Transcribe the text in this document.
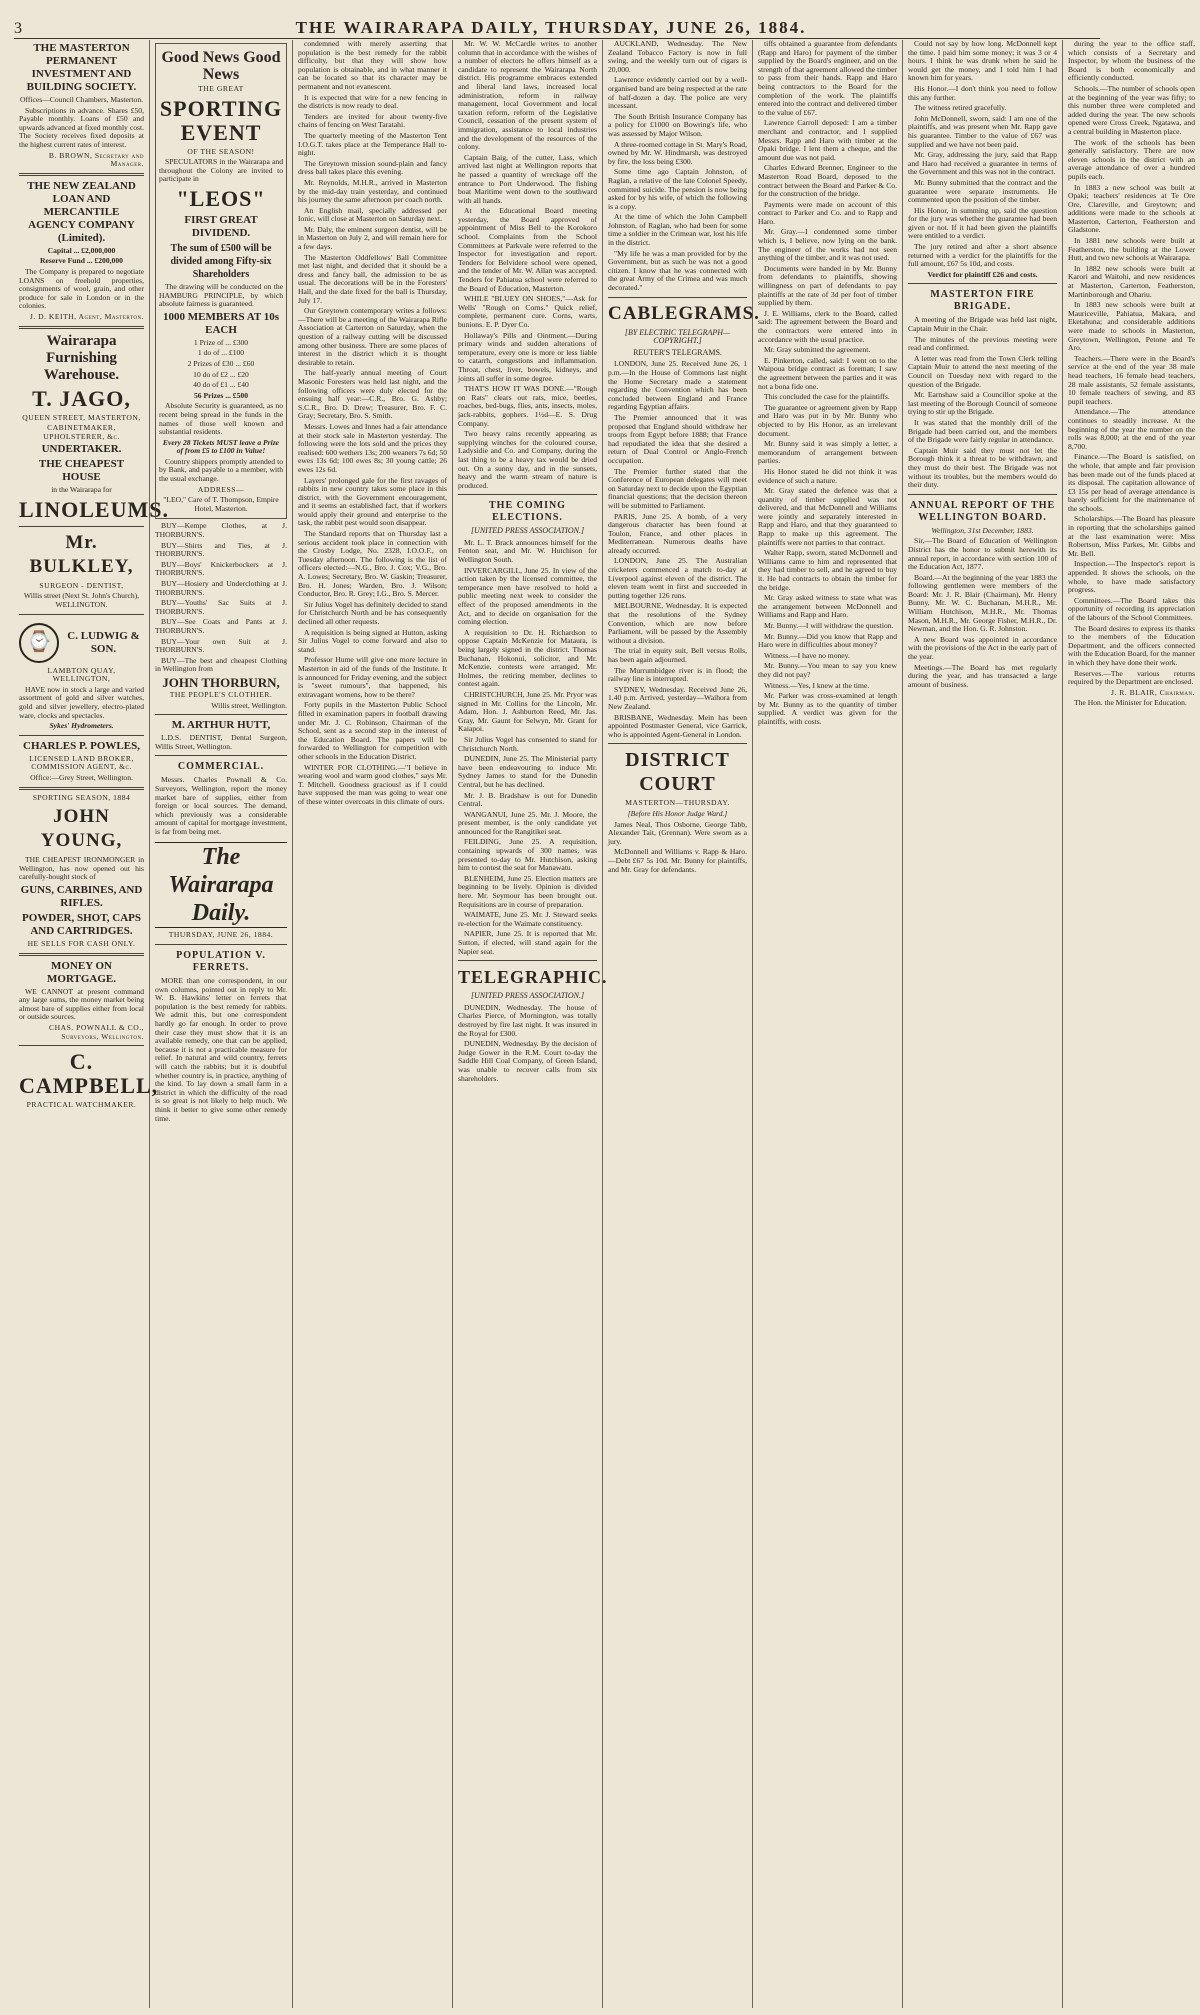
3	THE WAIRARAPA DAILY, THURSDAY, JUNE 26, 1884.
THE MASTERTON PERMANENT INVESTMENT AND BUILDING SOCIETY.

Offices—Council Chambers, Masterton.

Subscriptions in advance. Shares £50, Payable monthly. Loans of £50 and upwards advanced at fixed monthly cost. The Society receives fixed deposits at the highest current rates of interest.

B. BROWN, Secretary and Manager.

THE NEW ZEALAND LOAN AND MERCANTILE AGENCY COMPANY (Limited).

Capital ... £2,000,000

Reserve Fund ... £200,000

The Company is prepared to negotiate LOANS on freehold properties, consignments of wool, grain, and other produce for sale in London or in the colonies.

J. D. KEITH, Agent, Masterton.

Wairarapa Furnishing Warehouse.
T. JAGO,

QUEEN STREET, MASTERTON,

CABINETMAKER, UPHOLSTERER, &c.

UNDERTAKER.
THE CHEAPEST HOUSE

in the Wairarapa for

LINOLEUMS.
Mr. BULKLEY,

SURGEON - DENTIST,

Willis street (Next St. John's Church), WELLINGTON.

⌚	C. LUDWIG & SON.

LAMBTON QUAY, WELLINGTON,

HAVE now in stock a large and varied assortment of gold and silver watches, gold and silver jewellery, electro-plated ware, clocks and spectacles.

Sykes' Hydrometers.

CHARLES P. POWLES,

LICENSED LAND BROKER, COMMISSION AGENT, &c.

Office:—Grey Street, Wellington.

SPORTING SEASON, 1884

JOHN YOUNG,

THE CHEAPEST IRONMONGER in Wellington, has now opened out his carefully-bought stock of

GUNS, CARBINES, AND RIFLES.
POWDER, SHOT, CAPS AND CARTRIDGES.

HE SELLS FOR CASH ONLY.

MONEY ON MORTGAGE.

WE CANNOT at present command any large sums, the money market being almost bare of supplies either from local or outside sources.

CHAS. POWNALL & CO., Surveyors, Wellington.

C. CAMPBELL,

PRACTICAL WATCHMAKER.

Good News Good News

THE GREAT

SPORTING EVENT

OF THE SEASON!

SPECULATORS in the Wairarapa and throughout the Colony are invited to participate in

"LEOS"
FIRST GREAT DIVIDEND.
The sum of £500 will be divided among Fifty-six Shareholders

The drawing will be conducted on the HAMBURG PRINCIPLE, by which absolute fairness is guaranteed.

1000 MEMBERS AT 10s EACH

1 Prize of ... £300

1 do of ... £100

2 Prizes of £30 ... £60

10 do of £2 ... £20

40 do of £1 ... £40

56 Prizes ... £500

Absolute Security is guaranteed, as no recent being spread in the funds in the names of those well known and substantial residents.

Every 28 Tickets MUST leave a Prize of from £5 to £100 in Value!

Country shippers promptly attended to by Bank, and payable to a member, with the usual exchange.

ADDRESS—

"LEO," Care of T. Thompson, Empire Hotel, Masterton.

BUY—Kempe Clothes, at J. THORBURN'S.

BUY—Shirts and Ties, at J. THORBURN'S.

BUY—Boys' Knickerbockers at J. THORBURN'S.

BUY—Hosiery and Underclothing at J. THORBURN'S.

BUY—Youths' Sac Suits at J. THORBURN'S.

BUY—See Coats and Pants at J. THORBURN'S.

BUY—Your own Suit at J. THORBURN'S.

BUY—The best and cheapest Clothing in Wellington from

JOHN THORBURN,

THE PEOPLE'S CLOTHIER.

Willis street, Wellington.

M. ARTHUR HUTT,

L.D.S. DENTIST, Dental Surgeon, Willis Street, Wellington.

COMMERCIAL.

Messrs. Charles Pownall & Co. Surveyors, Wellington, report the money market bare of supplies, either from foreign or local sources. The demand, which previously was a considerable amount of capital for mortgage investment, is far from being met.

The Wairarapa Daily.

THURSDAY, JUNE 26, 1884.

POPULATION V. FERRETS.

MORE than one correspondent, in our own columns, pointed out in reply to Mr. W. B. Hawkins' letter on ferrets that population is the best remedy for rabbits. We admit this, but one correspondent hardly go far enough. In order to prove their case they must show that it is an available remedy, one that can be applied, because it is not a practicable measure for relief. In natural and wild country, ferrets will catch the rabbits; but it is doubtful whether country is, in practice, anything of the kind. To lay down a small farm in a district in which the difficulty of the road is so great is not likely to help much. We think it better to give some other remedy time.

condemned with merely asserting that population is the best remedy for the rabbit difficulty, but that they will show how population is obtainable, and in what manner it can be located so that its character may be permanent and not evanescent.

It is expected that wire for a new fencing in the districts is now ready to deal.

Tenders are invited for about twenty-five chains of fencing on West Taratahi.

The quarterly meeting of the Masterton Tent I.O.G.T. takes place at the Temperance Hall to-night.

The Greytown mission sound-plain and fancy dress ball takes place this evening.

Mr. Reynolds, M.H.R., arrived in Masterton by the mid-day train yesterday, and continued his journey the same afternoon per coach north.

An English mail, specially addressed per Ionic, will close at Masterton on Saturday next.

Mr. Daly, the eminent surgeon dentist, will be in Masterton on July 2, and will remain here for a few days.

The Masterton Oddfellows' Ball Committee met last night, and decided that it should be a dress and fancy ball, the admission to be as usual. The decorations will be in the Foresters' Hall, and the date fixed for the ball is Thursday, July 17.

Our Greytown contemporary writes a follows:—There will be a meeting of the Wairarapa Rifle Association at Carterton on Saturday, when the question of a railway cutting will be discussed among other business. There are some places of interest in the district which it is thought desirable to retain.

The half-yearly annual meeting of Court Masonic Foresters was held last night, and the following officers were duly elected for the ensuing half year:—C.R., Bro. G. Ashby; S.C.R., Bro. D. Drew; Treasurer, Bro. F. C. Gray; Secretary, Bro. S. Smith.

Messrs. Lowes and Innes had a fair attendance at their stock sale in Masterton yesterday. The following were the lots sold and the prices they realised: 600 wethers 13s; 200 weaners 7s 6d; 50 ewes 13s 6d; 100 ewes 8s; 30 young cattle; 26 ewes 12s 6d.

Layers' prolonged gale for the first ravages of rabbits in new country takes some place in this district, with the Government encouragement, and it seems an established fact, that if workers would apply their ground and enterprise to the task, the rabbit pest would soon disappear.

The Standard reports that on Thursday last a serious accident took place in connection with the Crosby Lodge, No. 2328, I.O.O.F., on Tuesday afternoon. The following is the list of officers elected:—N.G., Bro. J. Cox; V.G., Bro. A. Lowes; Secretary, Bro. W. Gaskin; Treasurer, Bro. H. Jones; Warden, Bro. J. Wilson; Conductor, Bro. R. Grey; I.G., Bro. S. Mercer.

Sir Julius Vogel has definitely decided to stand for Christchurch North and he has consequently declined all other requests.

A requisition is being signed at Hutton, asking Sir Julius Vogel to come forward and also to stand.

Professor Hume will give one more lecture in Masterton in aid of the funds of the Institute. It is announced for Friday evening, and the subject is "sweet rumours", that happened, his extravagant womens, how to be there?

Forty pupils in the Masterton Public School filled in examination papers in football drawing under Mr. J. C. Robinson, Chairman of the School, sent as a second step in the interest of the Education Board. The papers will be forwarded to Wellington for competition with other schools in the Education District.

WINTER FOR CLOTHING.—"I believe in wearing wool and warm good clothes," says Mr. T. Mitchell. Goodness gracious! as if I could have supposed the man was going to wear one of these winter overcoats in this climate of ours.

Mr. W. W. McCardle writes to another column that in accordance with the wishes of a number of electors he offers himself as a candidate to represent the Wairarapa North district. His programme embraces extended and liberal land laws, increased local administration, reform in railway management, local Government and local taxation reform, reform of the Legislative Council, cessation of the present system of immigration, assistance to local industries and the development of the resources of the colony.

Captain Baig, of the cutter, Lass, which arrived last night at Wellington reports that he passed a quantity of wreckage off the entrance to Port Underwood. The fishing boat Maritime went down to the southward with all hands.

At the Educational Board meeting yesterday, the Board approved of appointment of Miss Bell to the Korokoro school. Complaints from the School Committees at Parkvale were referred to the Inspector for investigation and report. Tenders for Belvidere school were opened, and the tender of Mr. W. Allan was accepted. Tenders for Pahiatua school were referred to the Board of Education, Masterton.

WHILE "BLUEY ON SHOES,"—Ask for Wells' "Rough on Corns." Quick relief, complete, permanent cure. Corns, warts, bunions. E. P. Dyer Co.

Hollaway's Pills and Ointment.—During primary winds and sudden alterations of temperature, every one is more or less liable to catarrh, congestions and inflammation. Throat, chest, liver, bowels, kidneys, and joints all suffer in some degree.

THAT'S HOW IT WAS DONE.—"Rough on Rats" clears out rats, mice, beetles, roaches, bed-bugs, flies, ants, insects, moles, jack-rabbits, gophers. 1½d—E. S. Drug Company.

Two heavy rains recently appearing as supplying winches for the coloured course, Ladysidie and Co. and Company, during the last thing to be a heavy tax would be dried out. On a sunny day, and in the sunsets, heavy and the warm stream of nature is produced.

THE COMING ELECTIONS.
[UNITED PRESS ASSOCIATION.]

Mr. L. T. Brack announces himself for the Fenton seat, and Mr. W. Hutchison for Wellington South.

INVERCARGILL, June 25. In view of the action taken by the licensed committee, the temperance men have resolved to hold a public meeting next week to consider the effect of the proposed amendments in the Act, and to decide on organisation for the coming election.

A requisition to Dr. H. Richardson to oppose Captain McKenzie for Mataura, is being largely signed in the district. Thomas Buchanan, Hokonui, solicitor, and Mr. McKenzie, contests were arranged. Mr. Holmes, the retiring member, declines to contest again.

CHRISTCHURCH, June 25. Mr. Pryor was signed in Mr. Collins for the Lincoln, Mr. Adam, Hon. J. Ashburton Reed, Mr. Jas. Gray, Mr. Gaunt for Selwyn, Mr. Grant for Kaiapoi.

Sir Julius Vogel has consented to stand for Christchurch North.

DUNEDIN, June 25. The Ministerial party have been endeavouring to induce Mr. Sydney James to stand for the Dunedin Central, but he has declined.

Mr. J. B. Bradshaw is out for Dunedin Central.

WANGANUI, June 25. Mr. J. Moore, the present member, is the only candidate yet announced for the Rangitikei seat.

FEILDING, June 25. A requisition, containing upwards of 300 names, was presented to-day to Mr. Hutchison, asking him to contest the seat for Manawatu.

BLENHEIM, June 25. Election matters are beginning to be lively. Opinion is divided here. Mr. Seymour has been brought out. Requisitions are in course of preparation.

WAIMATE, June 25. Mr. J. Steward seeks re-election for the Waimate constituency.

NAPIER, June 25. It is reported that Mr. Sutton, if elected, will stand again for the Napier seat.

TELEGRAPHIC.
[UNITED PRESS ASSOCIATION.]

DUNEDIN, Wednesday. The house of Charles Pierce, of Mornington, was totally destroyed by fire last night. It was insured in the Royal for £300.

DUNEDIN, Wednesday. By the decision of Judge Gower in the R.M. Court to-day the Saddle Hill Coal Company, of Green Island, was unable to recover calls from six shareholders.

AUCKLAND, Wednesday. The New Zealand Tobacco Factory is now in full swing, and the weekly turn out of cigars is 20,000.

Lawrence evidently carried out by a well-organised band are being respected at the rate of half-dozen a day. The police are very incessant.

The South British Insurance Company has a policy for £1000 on Bowring's life, who was assessed by Major Wilson.

A three-roomed cottage in St. Mary's Road, owned by Mr. W. Hindmarsh, was destroyed by fire, the loss being £300.

Some time ago Captain Johnston, of Raglan, a relative of the late Colonel Speedy, committed suicide. The pension is now being asked for by his wife, of which the following is a copy.

At the time of which the John Campbell Johnston, of Raglan, who had been for some time a soldier in the Crimean war, lost his life in the district.

"My life he was a man provided for by the Government, but as such he was not a good citizen. I know that he was connected with the great Army of the Crimea and was much decorated."

CABLEGRAMS.
[BY ELECTRIC TELEGRAPH—COPYRIGHT.]
REUTER'S TELEGRAMS.

LONDON, June 25. Received June 26, 1 p.m.—In the House of Commons last night the Home Secretary made a statement regarding the Convention which has been concluded between England and France regarding Egyptian affairs.

The Premier announced that it was proposed that England should withdraw her troops from Egypt before 1888; that France had repudiated the idea that she desired a return of Dual Control or Anglo-French occupation.

The Premier further stated that the Conference of European delegates will meet on Saturday next to decide upon the Egyptian financial questions; that the decision thereon will be submitted to Parliament.

PARIS, June 25. A bomb, of a very dangerous character has been found at Toulon, France, and other places in Mediterranean. Numerous deaths have already occurred.

LONDON, June 25. The Australian cricketers commenced a match to-day at Liverpool against eleven of the district. The eleven team went in first and succeeded in putting together 126 runs.

MELBOURNE, Wednesday. It is expected that the resolutions of the Sydney Convention, which are now before Parliament, will be passed by the Assembly without a division.

The trial in equity suit, Bell versus Rolls, has been again adjourned.

The Murrumbidgee river is in flood; the railway line is interrupted.

SYDNEY, Wednesday. Received June 26, 1.40 p.m. Arrived, yesterday—Waihora from New Zealand.

BRISBANE, Wednesday. Mein has been appointed Postmaster General, vice Garrick, who is appointed Agent-General in London.

DISTRICT COURT

MASTERTON—THURSDAY.

[Before His Honor Judge Ward.]

James Neal, Thos Osborne, George Tabb, Alexander Tait, (Grennan). Were sworn as a jury.

McDonnell and Williams v. Rapp & Haro.—Debt £67 5s 10d. Mr. Bunny for plaintiffs, and Mr. Gray for defendants.

tiffs obtained a guarantee from defendants (Rapp and Haro) for payment of the timber supplied by the Board's engineer, and on the strength of that agreement allowed the timber to pass from their hands. Rapp and Haro being contractors to the Board for the completion of the work. The plaintiffs entered into the contract and delivered timber to the value of £67.

Lawrence Carroll deposed: I am a timber merchant and contractor, and I supplied Messrs. Rapp and Haro with timber at the Opaki bridge. I lent them a cheque, and the amount due was not paid.

Charles Edward Brenner, Engineer to the Masterton Road Board, deposed to the contract between the Board and Parker & Co. for the construction of the bridge.

Payments were made on account of this contract to Parker and Co. and to Rapp and Haro.

Mr. Gray.—I condemned some timber which is, I believe, now lying on the bank. The engineer of the works had not seen anything of the timber, and it was not used.

Documents were handed in by Mr. Bunny from defendants to plaintiffs, showing willingness on part of defendants to pay plaintiffs at the rate of 3d per foot of timber supplied by them.

J. E. Williams, clerk to the Board, called said: The agreement between the Board and the contractors were entered into in accordance with the usual practice.

Mr. Gray submitted the agreement.

E. Pinkerton, called, said: I went on to the Waipoua bridge contract as foreman; I saw the agreement between the parties and it was not a bona fide one.

This concluded the case for the plaintiffs.

The guarantee or agreement given by Rapp and Haro was put in by Mr. Bunny who objected to by His Honor, as an irrelevant document.

Mr. Bunny said it was simply a letter, a memorandum of arrangement between parties.

His Honor stated he did not think it was evidence of such a nature.

Mr. Gray stated the defence was that a quantity of timber supplied was not delivered, and that McDonnell and Williams were jointly and separately interested in Rapp and Haro, and that they guaranteed to Rapp to make up this agreement. The plaintiffs were not parties to that contract.

Walter Rapp, sworn, stated McDonnell and Williams came to him and represented that they had timber to sell, and he agreed to buy it. He had contracts to obtain the timber for the bridge.

Mr. Gray asked witness to state what was the arrangement between McDonnell and Williams and Rapp and Haro.

Mr. Bunny.—I will withdraw the question.

Mr. Bunny.—Did you know that Rapp and Haro were in difficulties about money?

Witness.—I have no money.

Mr. Bunny.—You mean to say you knew they did not pay?

Witness.—Yes, I knew at the time.

Mr. Parker was cross-examined at length by Mr. Bunny as to the quantity of timber supplied. A verdict was given for the plaintiffs, with costs.

Could not say by how long. McDonnell kept the time. I paid him some money; it was 3 or 4 hours. I think he was drunk when he said he would get the money, and I told him I had known him for years.

His Honor.—I don't think you need to follow this any further.

The witness retired gracefully.

John McDonnell, sworn, said: I am one of the plaintiffs, and was present when Mr. Rapp gave his guarantee. Timber to the value of £67 was supplied and we have not been paid.

Mr. Gray, addressing the jury, said that Rapp and Haro had received a guarantee in terms of the Government and this was not in the contract.

Mr. Bunny submitted that the contract and the guarantee were separate instruments. He commented upon the position of the timber.

His Honor, in summing up, said the question for the jury was whether the guarantee had been given or not. If it had been given the plaintiffs were entitled to a verdict.

The jury retired and after a short absence returned with a verdict for the plaintiffs for the full amount, £67 5s 10d, and costs.

Verdict for plaintiff £26 and costs.

MASTERTON FIRE BRIGADE.

A meeting of the Brigade was held last night, Captain Muir in the Chair.

The minutes of the previous meeting were read and confirmed.

A letter was read from the Town Clerk telling Captain Muir to attend the next meeting of the Council on Tuesday next with regard to the question of the Brigade.

Mr. Earnshaw said a Councillor spoke at the last meeting of the Borough Council of someone trying to stir up the Brigade.

It was stated that the monthly drill of the Brigade had been carried out, and the members of the Brigade were fairly regular in attendance.

Captain Muir said they must not let the Borough think it a threat to be withdrawn, and they must do their best. The Brigade was not without its troubles, but the members would do their duty.

ANNUAL REPORT OF THE WELLINGTON BOARD.

Wellington, 31st December, 1883.

Sir,—The Board of Education of Wellington District has the honor to submit herewith its annual report, in accordance with section 100 of the Education Act, 1877.

Board.—At the beginning of the year 1883 the following gentlemen were members of the Board: Mr. J. R. Blair (Chairman), Mr. Henry Bunny, Mr. W. C. Buchanan, M.H.R., Mr. William Hutchison, M.H.R., Mr. Thomas Mason, M.H.R., Mr. George Fisher, M.H.R., Dr. Newman, and the Hon. G. R. Johnston.

A new Board was appointed in accordance with the provisions of the Act in the early part of the year.

Meetings.—The Board has met regularly during the year, and has transacted a large amount of business.

during the year to the office staff, which consists of a Secretary and Inspector, by whom the business of the Board is both economically and efficiently conducted.

Schools.—The number of schools open at the beginning of the year was fifty; to this number three were completed and added during the year. The new schools opened were Cross Creek, Ngatawa, and a central building in Masterton place.

The work of the schools has been generally satisfactory. There are now eleven schools in the district with an average attendance of over a hundred pupils each.

In 1883 a new school was built at Opaki; teachers' residences at Te Ore Ore, Clareville, and Greytown; and additions were made to the schools at Masterton, Carterton, Featherston and Gladstone.

In 1881 new schools were built at Featherston, the building at the Lower Hutt, and two new schools at Wairarapa.

In 1882 new schools were built at Karori and Waitohi, and new residences at Masterton, Carterton, Featherston, Martinborough and Ohariu.

In 1883 new schools were built at Mauriceville, Pahiatua, Makara, and Eketahuna; and considerable additions were made to schools in Masterton, Greytown, Wellington, Petone and Te Aro.

Teachers.—There were in the Board's service at the end of the year 38 male head teachers, 16 female head teachers, 28 male assistants, 52 female assistants, 10 female teachers of sewing, and 83 pupil teachers.

Attendance.—The attendance continues to steadily increase. At the beginning of the year the number on the rolls was 8,000; at the end of the year 8,700.

Finance.—The Board is satisfied, on the whole, that ample and fair provision has been made out of the funds placed at its disposal. The capitation allowance of £3 15s per head of average attendance is barely sufficient for the maintenance of the schools.

Scholarships.—The Board has pleasure in reporting that the scholarships gained at the last examination were: Miss Robertson, Miss Parkes, Mr. Gibbs and Mr. Bell.

Inspection.—The Inspector's report is appended. It shows the schools, on the whole, to have made satisfactory progress.

Committees.—The Board takes this opportunity of recording its appreciation of the labours of the School Committees.

The Board desires to express its thanks to the members of the Education Department, and the officers connected with the Education Board, for the manner in which they have done their work.

Reserves.—The various returns required by the Department are enclosed.

J. R. BLAIR, Chairman.

The Hon. the Minister for Education.
